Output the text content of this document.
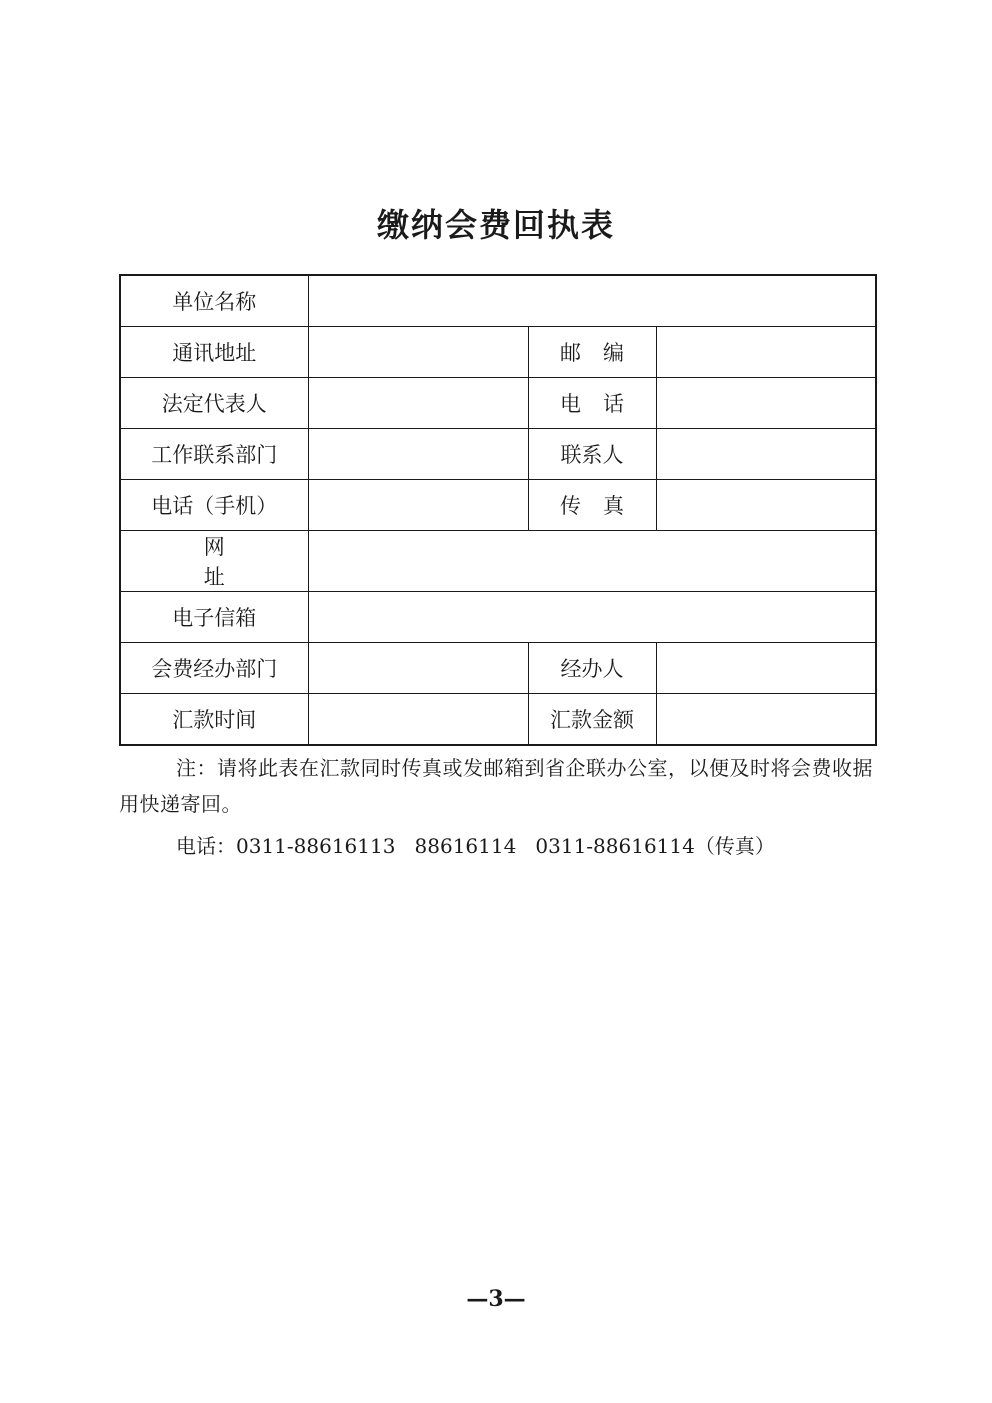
缴纳会费回执表
单位名称			
通讯地址		邮编	
法定代表人		电话	
工作联系部门		联系人	
电话（手机）		传真	
网址			
电子信箱			
会费经办部门		经办人	
汇款时间		汇款金额	

注：请将此表在汇款同时传真或发邮箱到省企联办公室，以便及时将会费收据用快递寄回。

电话：0311-88616113   88616114   0311-88616114（传真）

—3—
